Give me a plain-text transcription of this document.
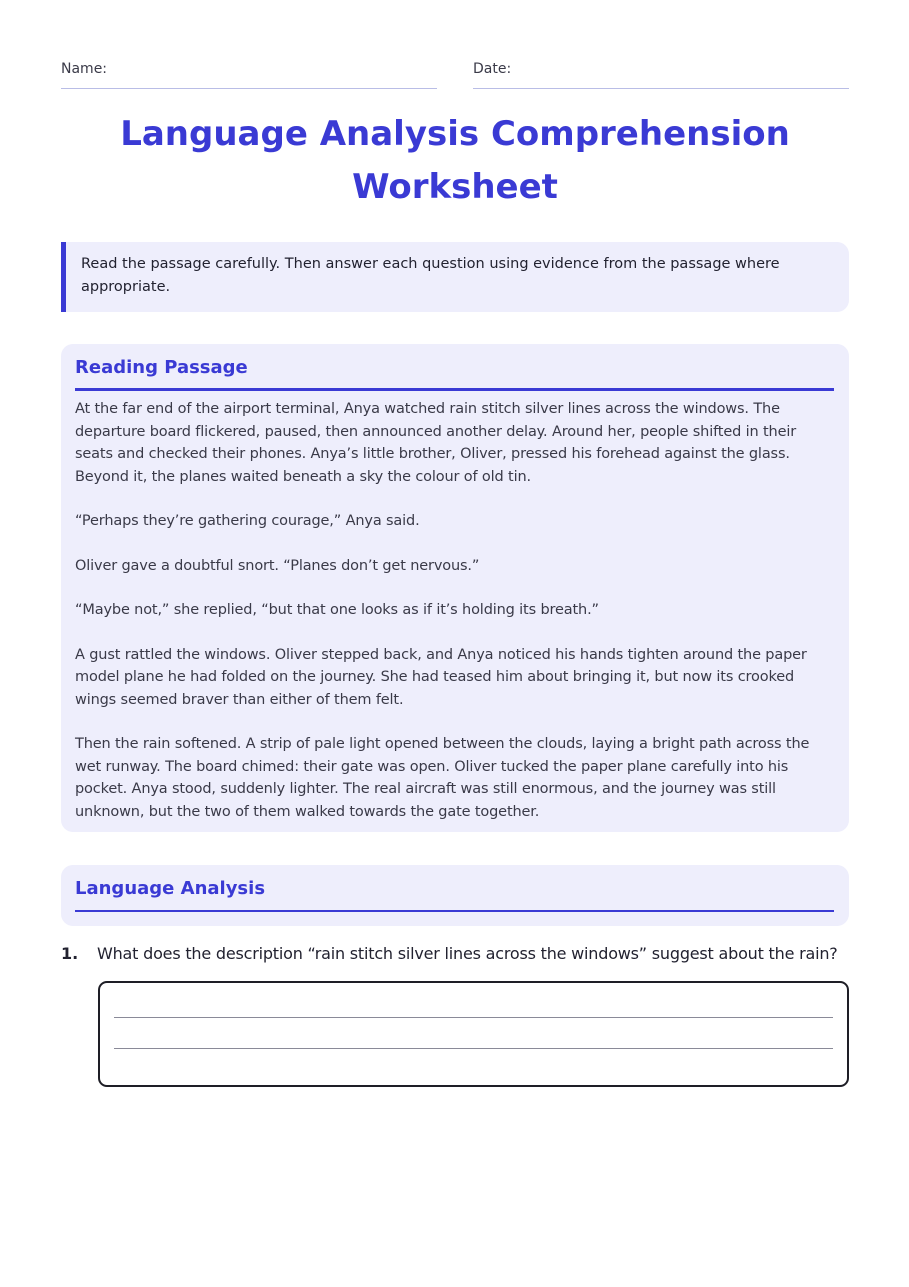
Name:	Date:
Language Analysis Comprehension Worksheet
Read the passage carefully. Then answer each question using evidence from the passage where appropriate.
Reading Passage

At the far end of the airport terminal, Anya watched rain stitch silver lines across the windows. The departure board flickered, paused, then announced another delay. Around her, people shifted in their seats and checked their phones. Anya’s little brother, Oliver, pressed his forehead against the glass. Beyond it, the planes waited beneath a sky the colour of old tin.

“Perhaps they’re gathering courage,” Anya said.

Oliver gave a doubtful snort. “Planes don’t get nervous.”

“Maybe not,” she replied, “but that one looks as if it’s holding its breath.”

A gust rattled the windows. Oliver stepped back, and Anya noticed his hands tighten around the paper model plane he had folded on the journey. She had teased him about bringing it, but now its crooked wings seemed braver than either of them felt.

Then the rain softened. A strip of pale light opened between the clouds, laying a bright path across the wet runway. The board chimed: their gate was open. Oliver tucked the paper plane carefully into his pocket. Anya stood, suddenly lighter. The real aircraft was still enormous, and the journey was still unknown, but the two of them walked towards the gate together.

Language Analysis
1. What does the description “rain stitch silver lines across the windows” suggest about the rain?
